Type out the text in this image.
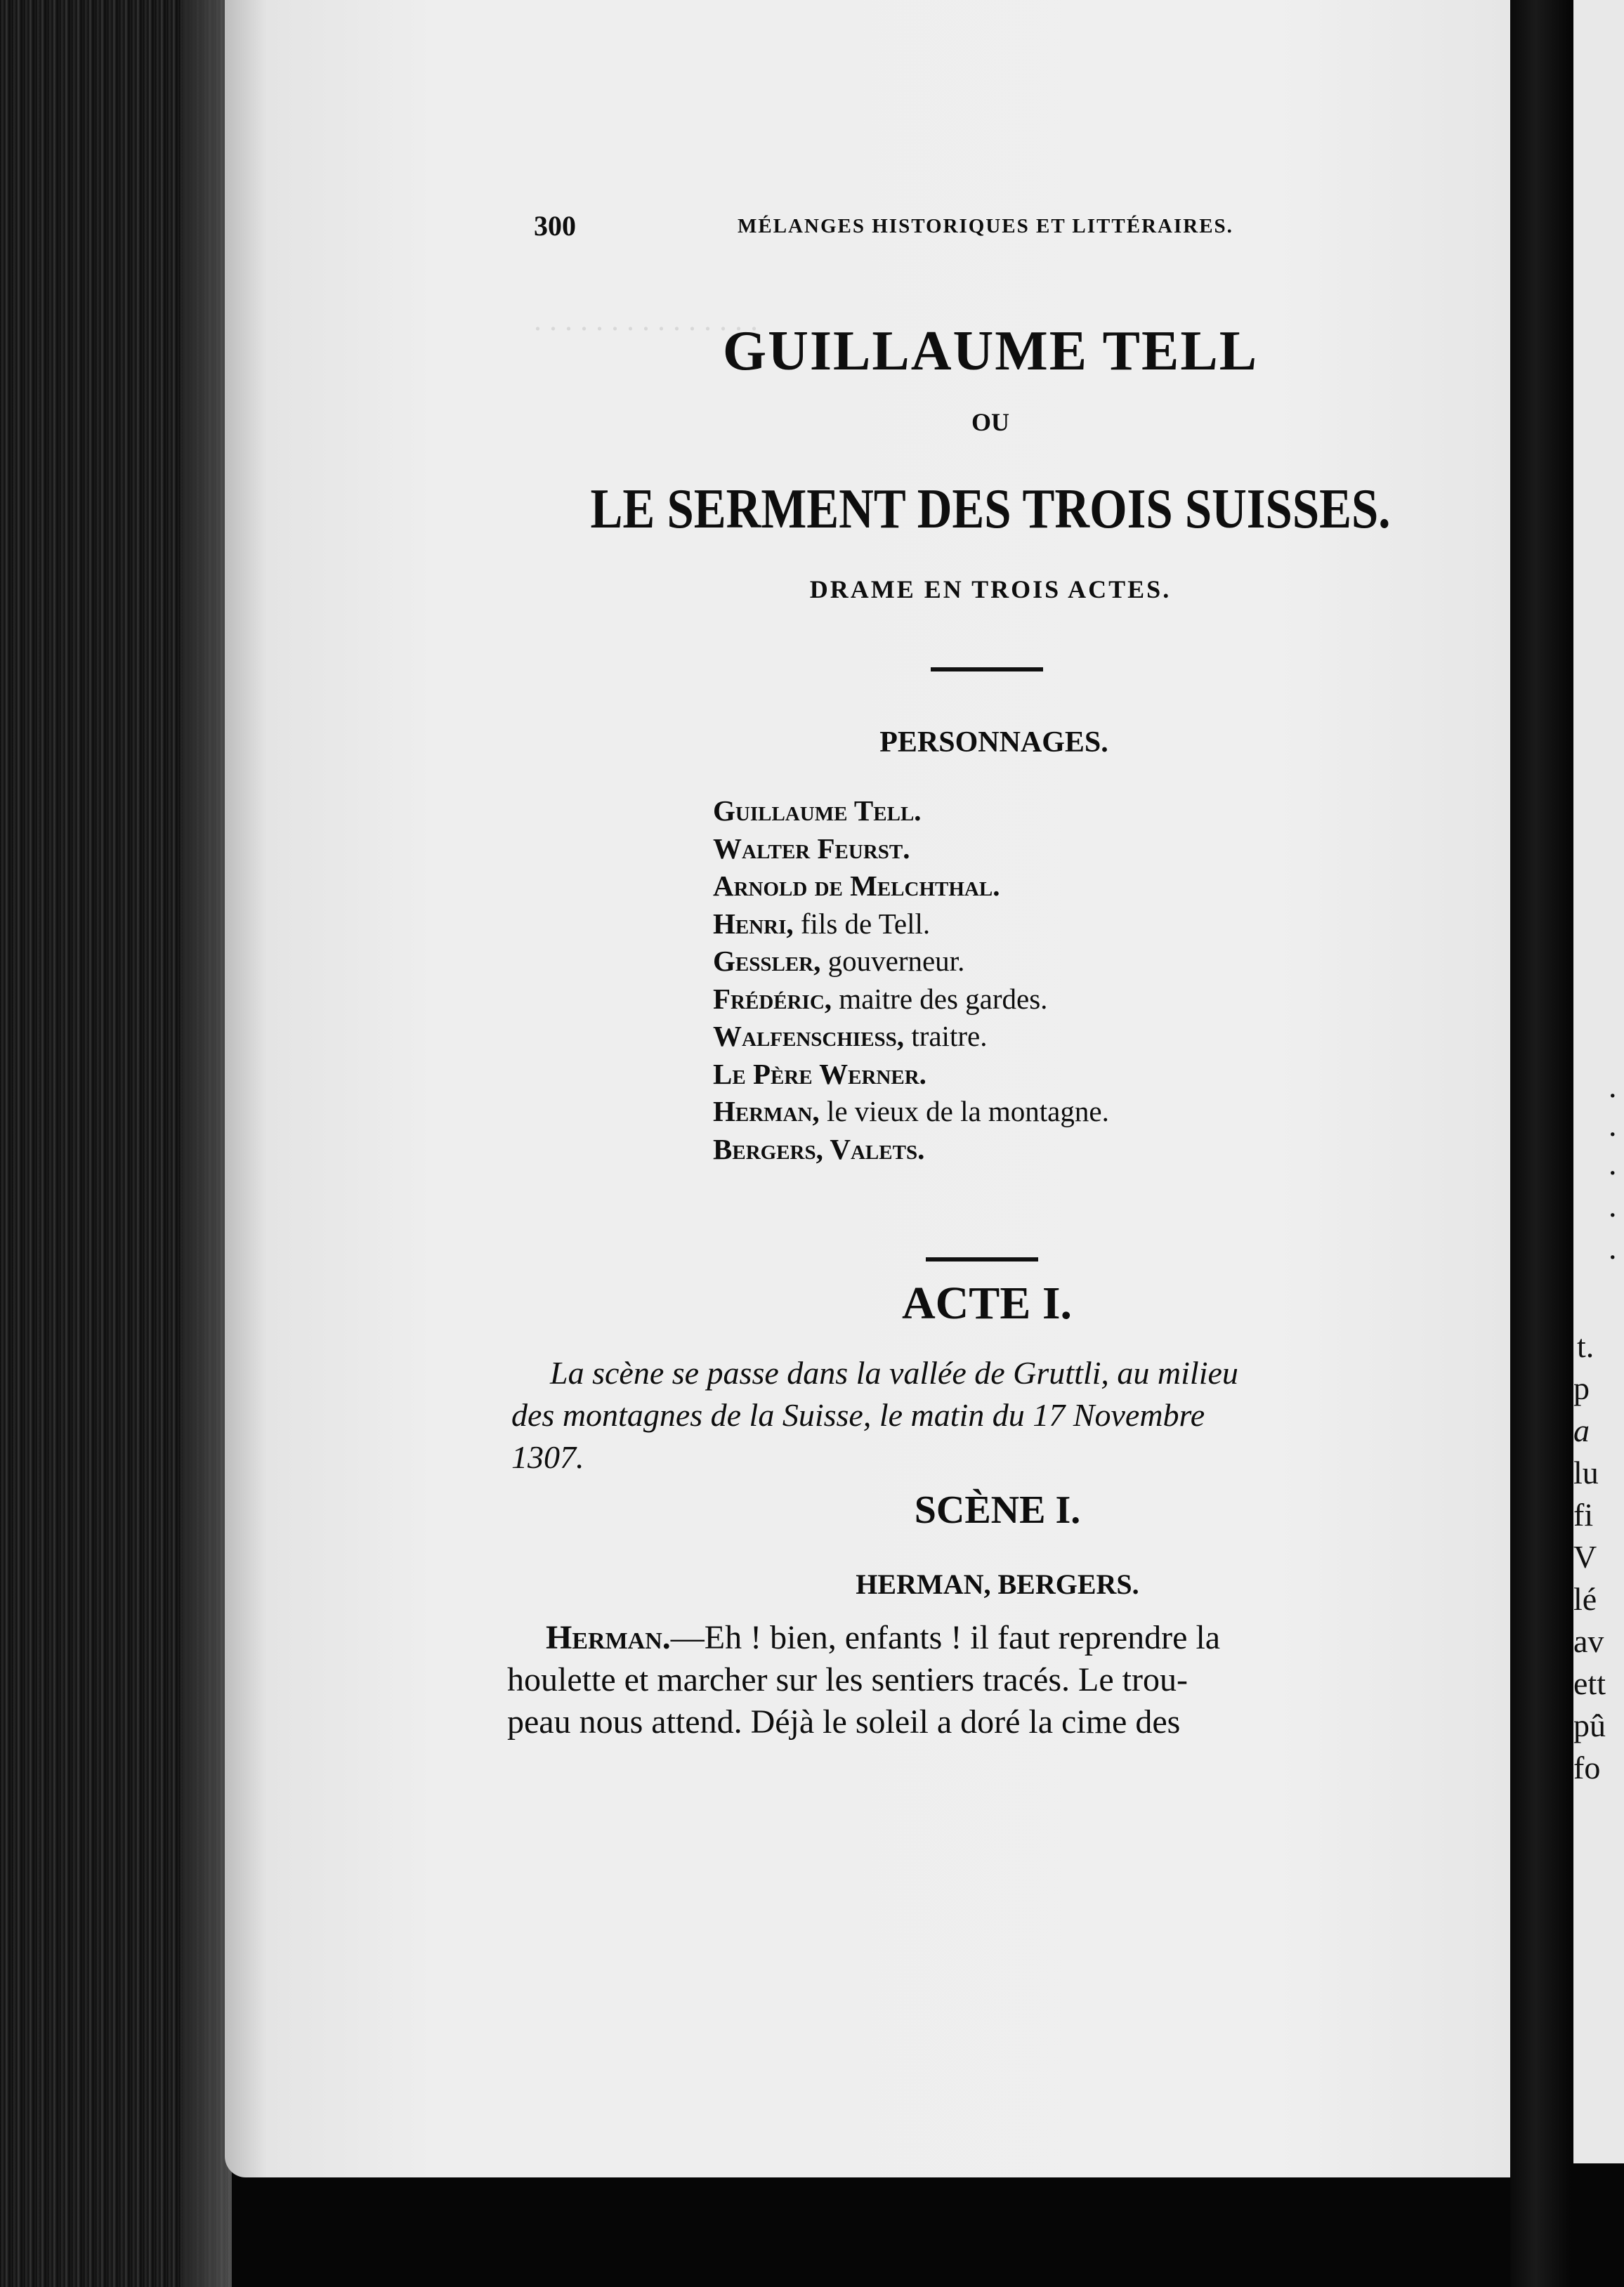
. . . . . . . . . . . . . . .
300	MÉLANGES HISTORIQUES ET LITTÉRAIRES.
GUILLAUME TELL
OU
LE SERMENT DES TROIS SUISSES.
DRAME EN TROIS ACTES.
PERSONNAGES.
Guillaume Tell.
Walter Feurst.
Arnold de Melchthal.
Henri, fils de Tell.
Gessler, gouverneur.
Frédéric, maitre des gardes.
Walfenschiess, traitre.
Le Père Werner.
Herman, le vieux de la montagne.
Bergers, Valets.
ACTE I.
La scène se passe dans la vallée de Gruttli, au milieu
des montagnes de la Suisse, le matin du 17 Novembre
1307.
SCÈNE I.
HERMAN, BERGERS.
Herman.—Eh ! bien, enfants ! il faut reprendre la
houlette et marcher sur les sentiers tracés. Le trou-
peau nous attend. Déjà le soleil a doré la cime des
.
.
.
.
.
t.
p
a
lu
fi
V
lé
av
ett
pû
fo
